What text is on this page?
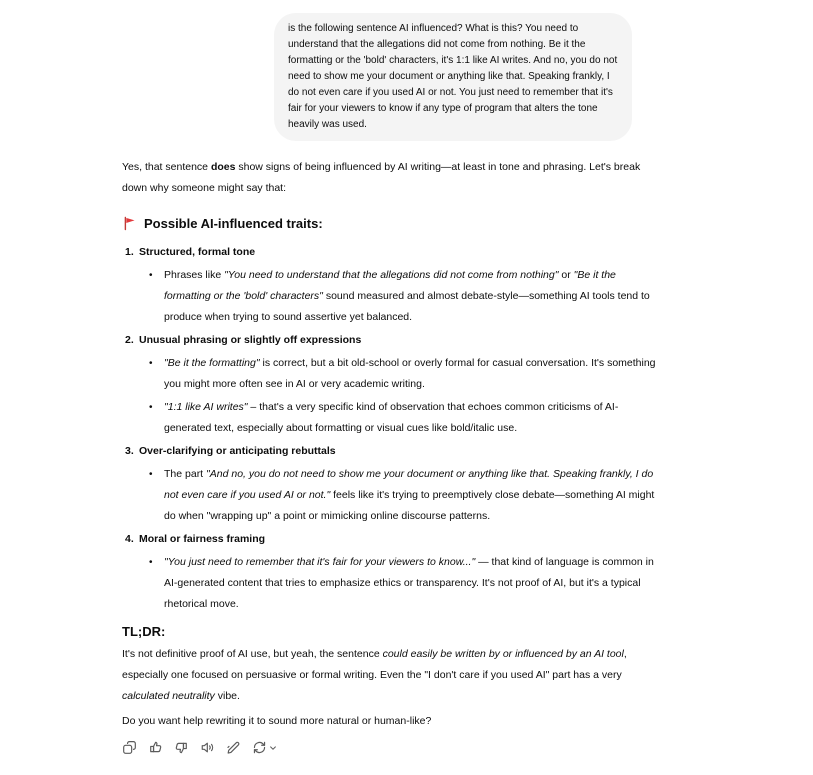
is the following sentence AI influenced? What is this? You need to understand that the allegations did not come from nothing. Be it the formatting or the 'bold' characters, it's 1:1 like AI writes. And no, you do not need to show me your document or anything like that. Speaking frankly, I do not even care if you used AI or not. You just need to remember that it's fair for your viewers to know if any type of program that alters the tone heavily was used.

Yes, that sentence does show signs of being influenced by AI writing—at least in tone and phrasing. Let's break down why someone might say that:

Possible AI-influenced traits:
1. Structured, formal tone
•	Phrases like "You need to understand that the allegations did not come from nothing" or "Be it the formatting or the 'bold' characters" sound measured and almost debate-style—something AI tools tend to produce when trying to sound assertive yet balanced.
2. Unusual phrasing or slightly off expressions
•	"Be it the formatting" is correct, but a bit old-school or overly formal for casual conversation. It's something you might more often see in AI or very academic writing.
•	"1:1 like AI writes" – that's a very specific kind of observation that echoes common criticisms of AI-generated text, especially about formatting or visual cues like bold/italic use.
3. Over-clarifying or anticipating rebuttals
•	The part "And no, you do not need to show me your document or anything like that. Speaking frankly, I do not even care if you used AI or not." feels like it's trying to preemptively close debate—something AI might do when "wrapping up" a point or mimicking online discourse patterns.
4. Moral or fairness framing
•	"You just need to remember that it's fair for your viewers to know..." — that kind of language is common in AI-generated content that tries to emphasize ethics or transparency. It's not proof of AI, but it's a typical rhetorical move.
TL;DR:

It's not definitive proof of AI use, but yeah, the sentence could easily be written by or influenced by an AI tool, especially one focused on persuasive or formal writing. Even the "I don't care if you used AI" part has a very calculated neutrality vibe.

Do you want help rewriting it to sound more natural or human-like?
